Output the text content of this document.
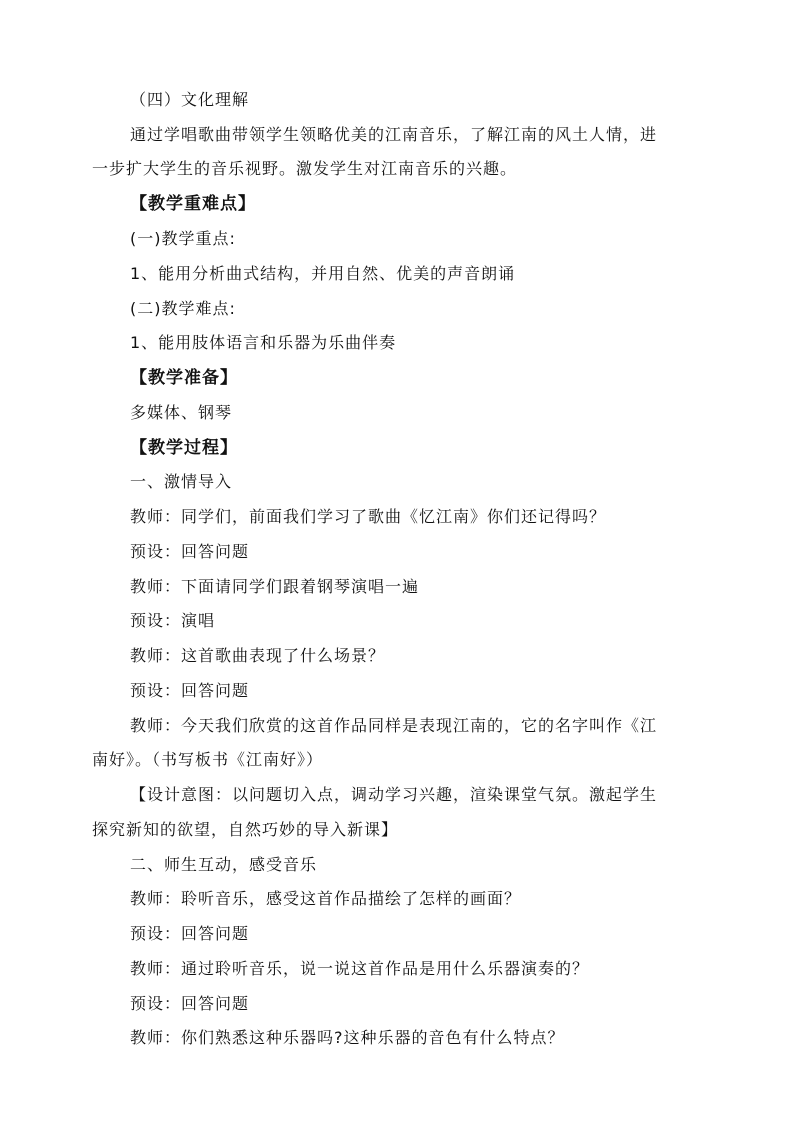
（四）文化理解
通过学唱歌曲带领学生领略优美的江南音乐，了解江南的风土人情，进
一步扩大学生的音乐视野。激发学生对江南音乐的兴趣。
【教学重难点】
(一)教学重点:
1、能用分析曲式结构，并用自然、优美的声音朗诵
(二)教学难点:
1、能用肢体语言和乐器为乐曲伴奏
【教学准备】
多媒体、钢琴
【教学过程】
一、激情导入
教师：同学们，前面我们学习了歌曲《忆江南》你们还记得吗？
预设：回答问题
教师：下面请同学们跟着钢琴演唱一遍
预设：演唱
教师：这首歌曲表现了什么场景？
预设：回答问题
教师：今天我们欣赏的这首作品同样是表现江南的，它的名字叫作《江
南好》。（书写板书《江南好》）
【设计意图：以问题切入点，调动学习兴趣，渲染课堂气氛。激起学生
探究新知的欲望，自然巧妙的导入新课】
二、师生互动，感受音乐
教师：聆听音乐，感受这首作品描绘了怎样的画面？
预设：回答问题
教师：通过聆听音乐，说一说这首作品是用什么乐器演奏的？
预设：回答问题
教师：你们熟悉这种乐器吗?这种乐器的音色有什么特点？
